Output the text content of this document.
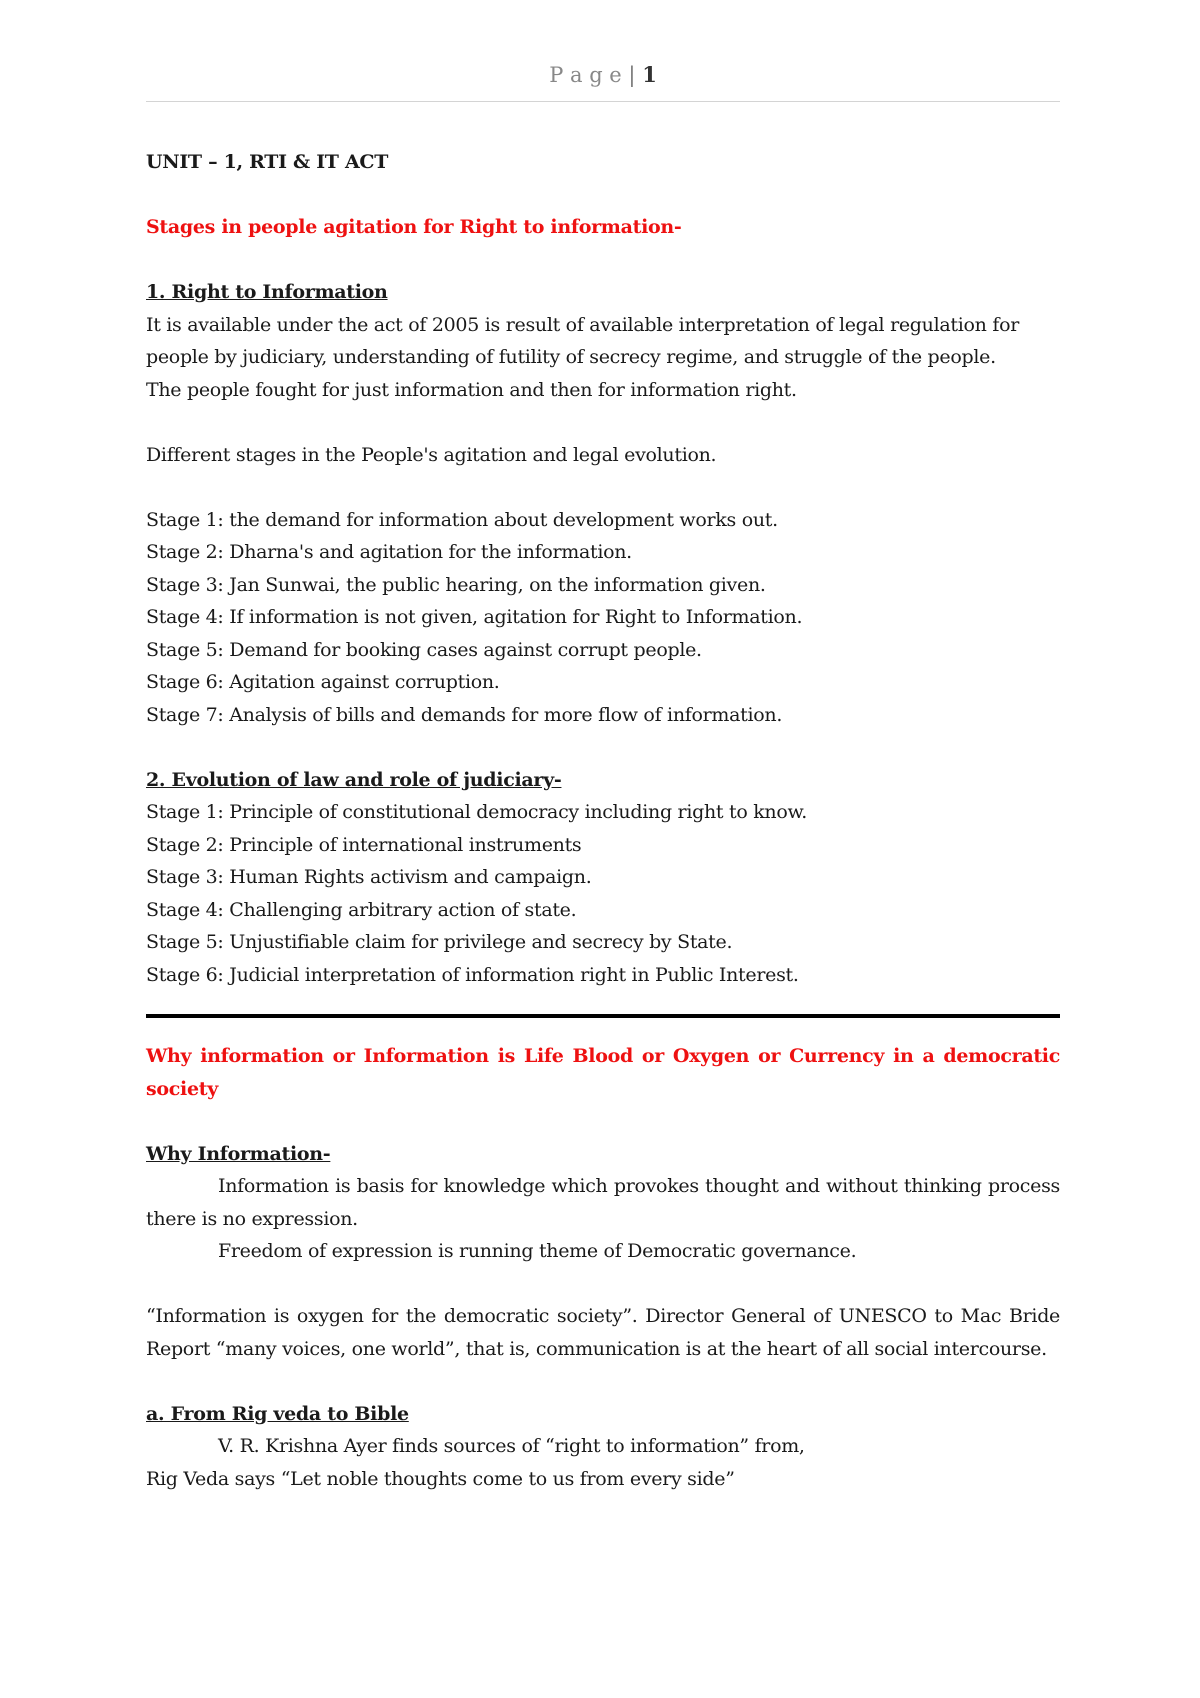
P a g e | 1

UNIT – 1, RTI & IT ACT

Stages in people agitation for Right to information-

1. Right to Information

It is available under the act of 2005 is result of available interpretation of legal regulation for

people by judiciary, understanding of futility of secrecy regime, and struggle of the people.

The people fought for just information and then for information right.

Different stages in the People's agitation and legal evolution.

Stage 1: the demand for information about development works out.

Stage 2: Dharna's and agitation for the information.

Stage 3: Jan Sunwai, the public hearing, on the information given.

Stage 4: If information is not given, agitation for Right to Information.

Stage 5: Demand for booking cases against corrupt people.

Stage 6: Agitation against corruption.

Stage 7: Analysis of bills and demands for more flow of information.

2. Evolution of law and role of judiciary-

Stage 1: Principle of constitutional democracy including right to know.

Stage 2: Principle of international instruments

Stage 3: Human Rights activism and campaign.

Stage 4: Challenging arbitrary action of state.

Stage 5: Unjustifiable claim for privilege and secrecy by State.

Stage 6: Judicial interpretation of information right in Public Interest.

Why information or Information is Life Blood or Oxygen or Currency in a democratic society

Why Information-

Information is basis for knowledge which provokes thought and without thinking process there is no expression.

Freedom of expression is running theme of Democratic governance.

“Information is oxygen for the democratic society”. Director General of UNESCO to Mac Bride Report “many voices, one world”, that is, communication is at the heart of all social intercourse.

a. From Rig veda to Bible

V. R. Krishna Ayer finds sources of “right to information” from,

Rig Veda says “Let noble thoughts come to us from every side”
